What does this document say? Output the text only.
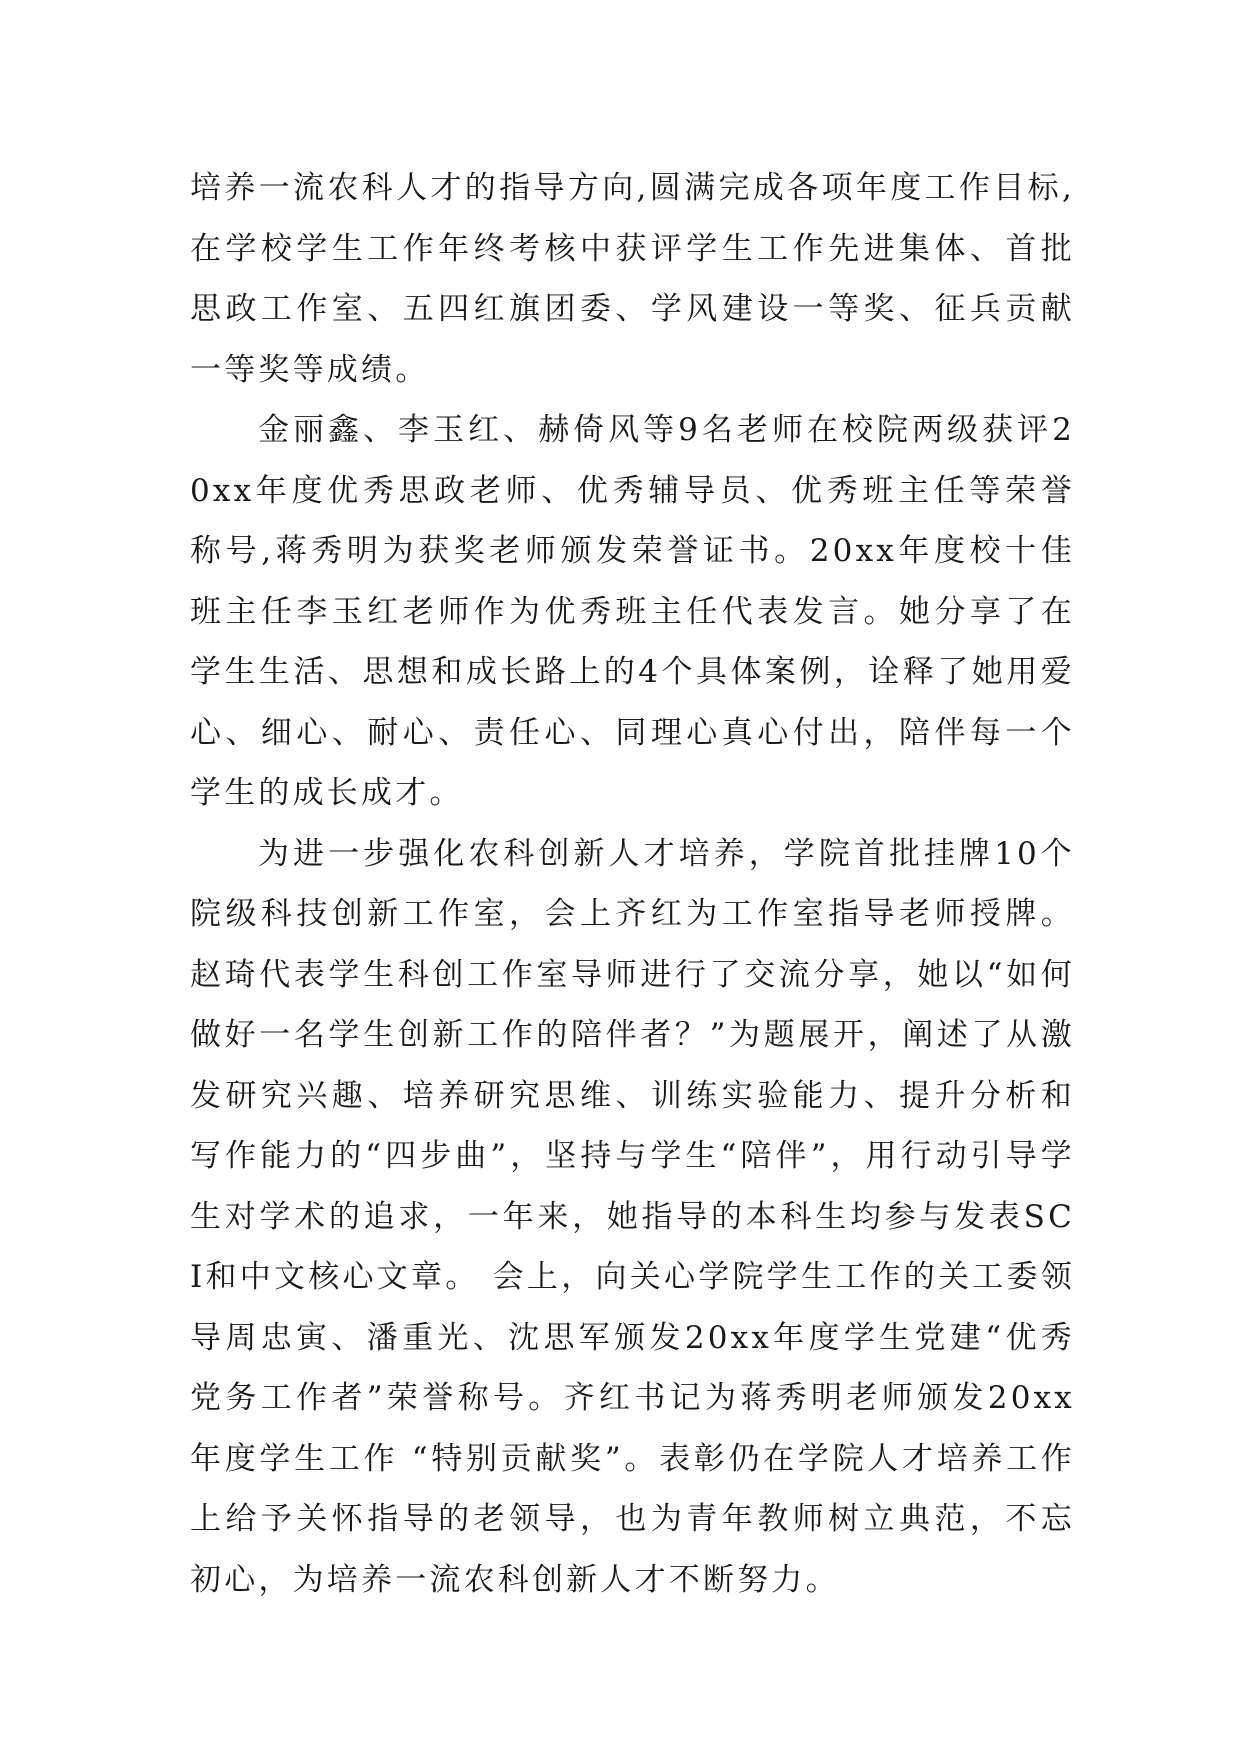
培养一流农科人才的指导方向,圆满完成各项年度工作目标,在学校学生工作年终考核中获评学生工作先进集体、首批思政工作室、五四红旗团委、学风建设一等奖、征兵贡献一等奖等成绩。

金丽鑫、李玉红、赫倚风等9名老师在校院两级获评20xx年度优秀思政老师、优秀辅导员、优秀班主任等荣誉称号,蒋秀明为获奖老师颁发荣誉证书。20xx年度校十佳班主任李玉红老师作为优秀班主任代表发言。她分享了在学生生活、思想和成长路上的4个具体案例，诠释了她用爱心、细心、耐心、责任心、同理心真心付出，陪伴每一个学生的成长成才。

为进一步强化农科创新人才培养，学院首批挂牌10个院级科技创新工作室，会上齐红为工作室指导老师授牌。赵琦代表学生科创工作室导师进行了交流分享，她以“如何做好一名学生创新工作的陪伴者？”为题展开，阐述了从激发研究兴趣、培养研究思维、训练实验能力、提升分析和写作能力的“四步曲”，坚持与学生“陪伴”，用行动引导学生对学术的追求，一年来，她指导的本科生均参与发表SCI和中文核心文章。 会上，向关心学院学生工作的关工委领导周忠寅、潘重光、沈思军颁发20xx年度学生党建“优秀党务工作者”荣誉称号。齐红书记为蒋秀明老师颁发20xx年度学生工作 “特别贡献奖”。表彰仍在学院人才培养工作上给予关怀指导的老领导，也为青年教师树立典范，不忘初心，为培养一流农科创新人才不断努力。
